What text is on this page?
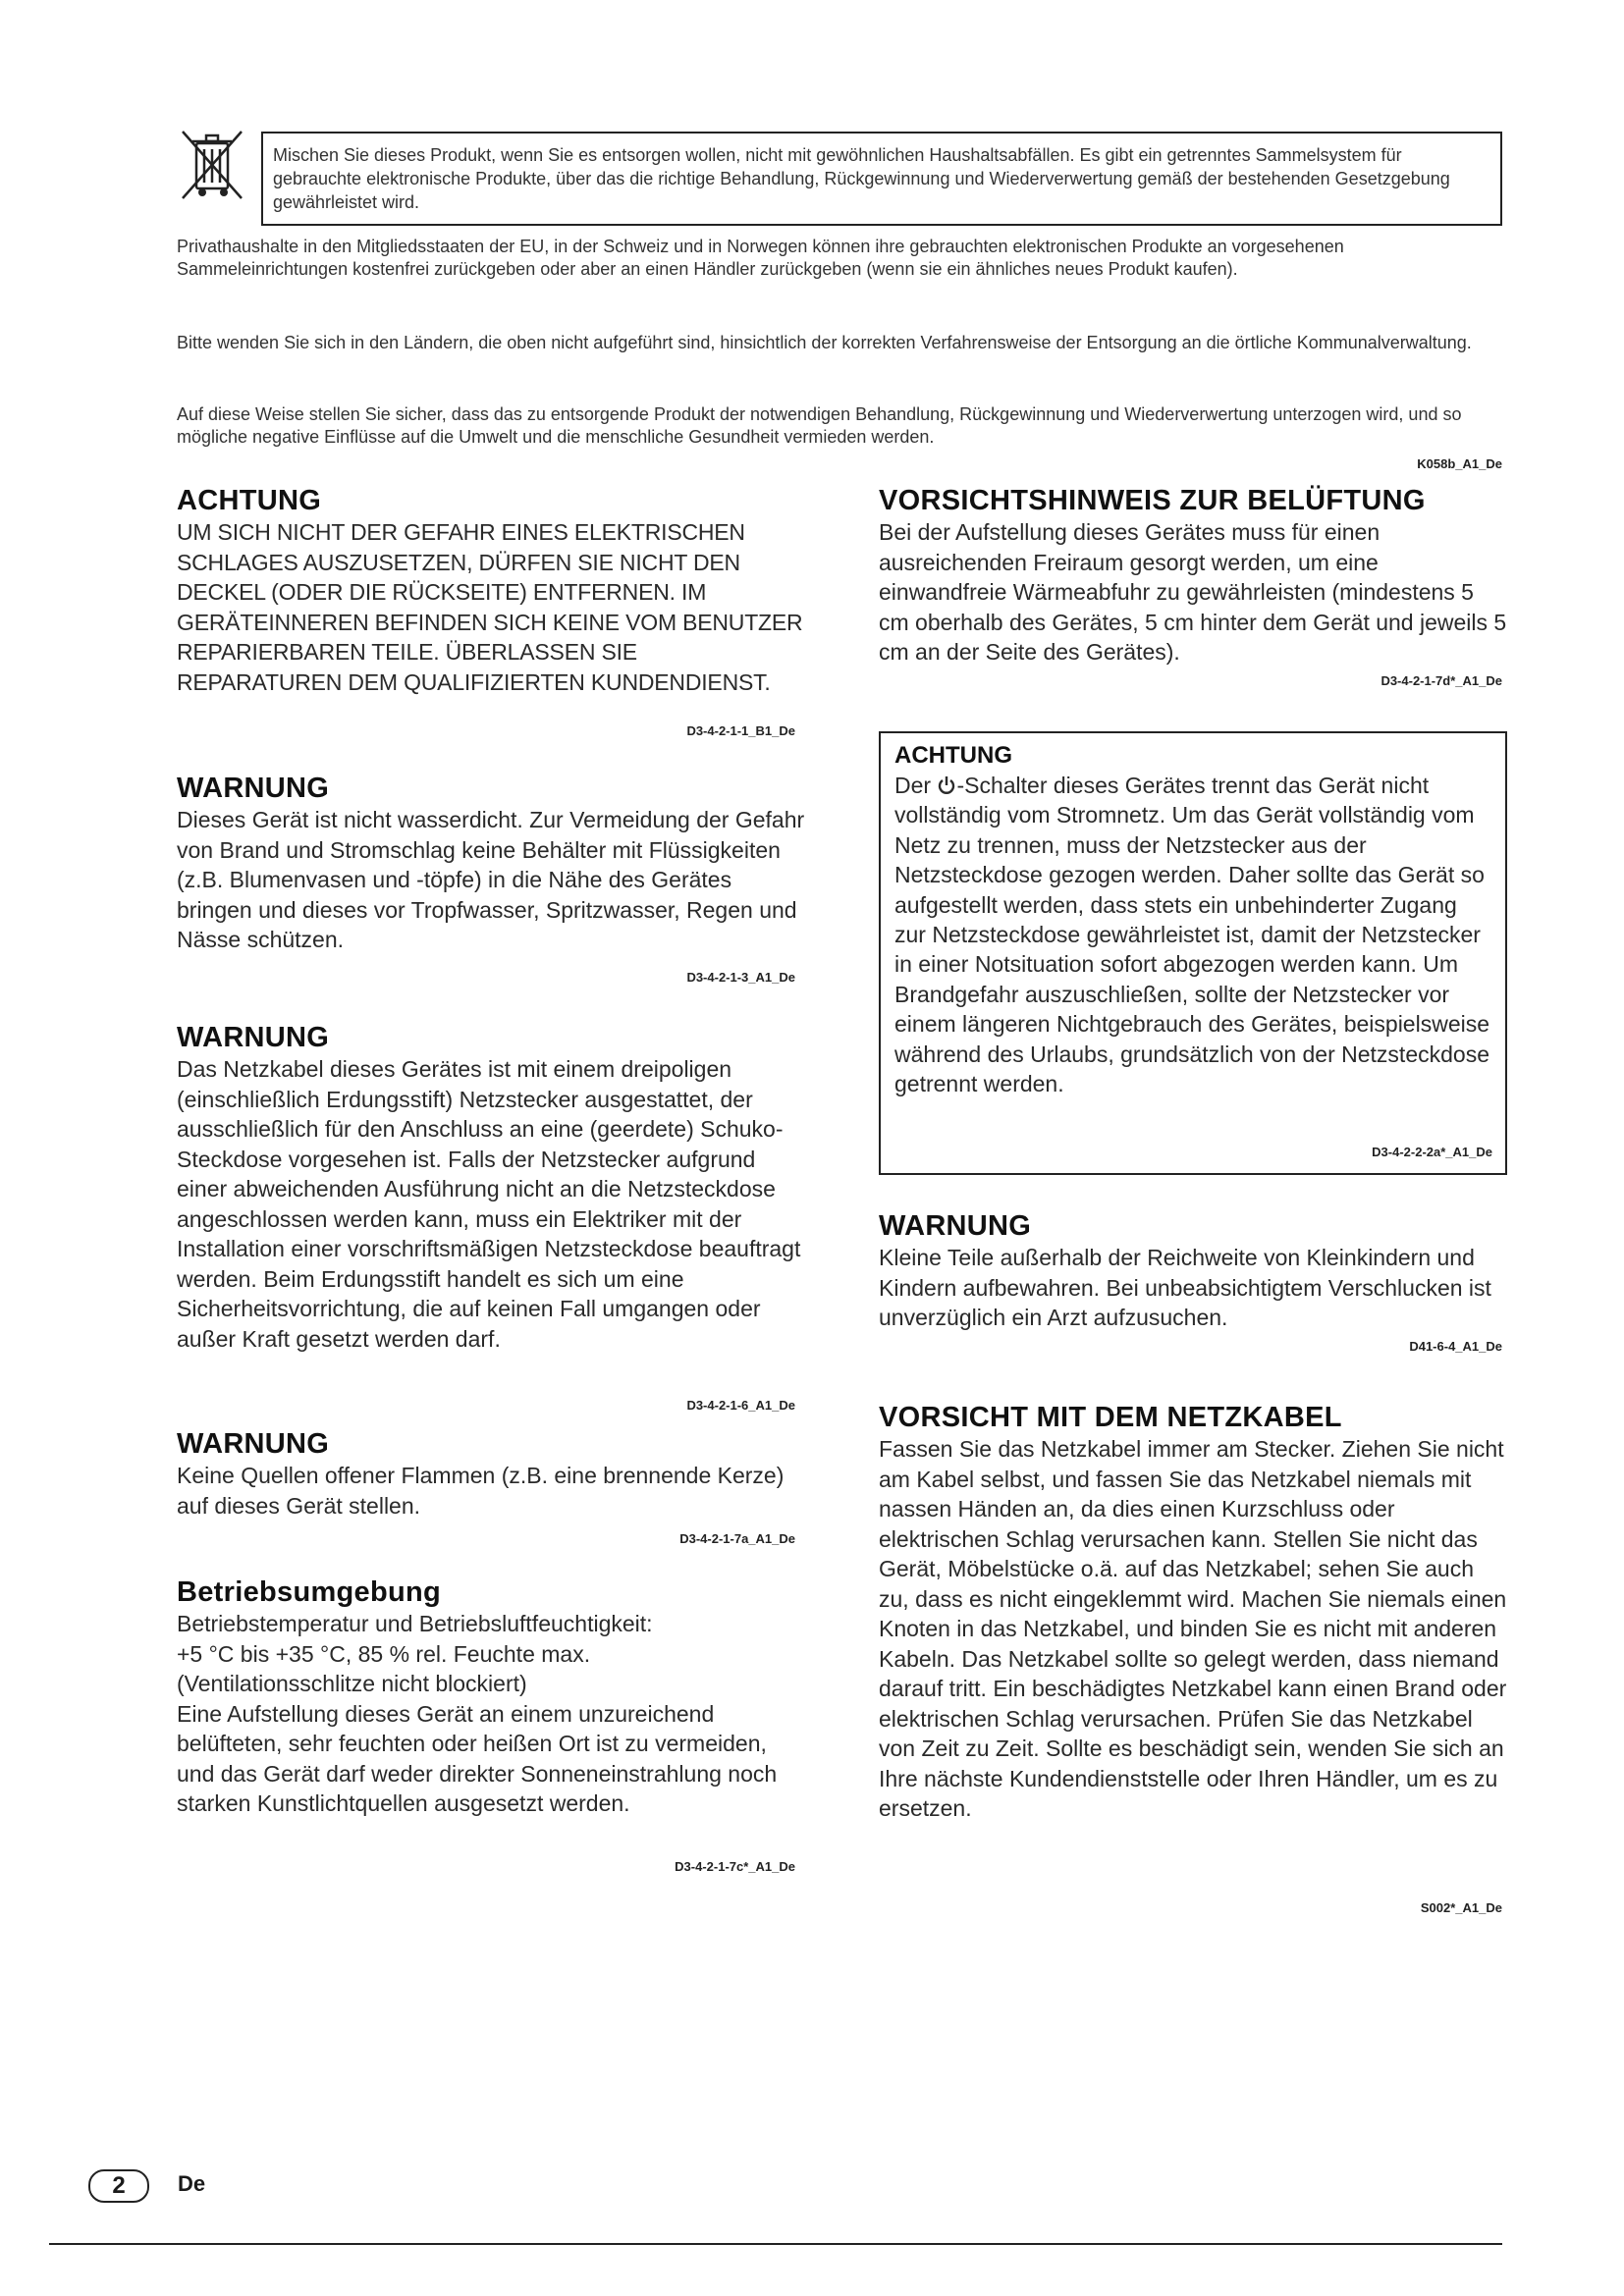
Mischen Sie dieses Produkt, wenn Sie es entsorgen wollen, nicht mit gewöhnlichen Haushaltsabfällen. Es gibt ein getrenntes Sammelsystem für gebrauchte elektronische Produkte, über das die richtige Behandlung, Rückgewinnung und Wiederverwertung gemäß der bestehenden Gesetzgebung gewährleistet wird.

Privathaushalte in den Mitgliedsstaaten der EU, in der Schweiz und in Norwegen können ihre gebrauchten elektronischen Produkte an vorgesehenen Sammeleinrichtungen kostenfrei zurückgeben oder aber an einen Händler zurückgeben (wenn sie ein ähnliches neues Produkt kaufen).

Bitte wenden Sie sich in den Ländern, die oben nicht aufgeführt sind, hinsichtlich der korrekten Verfahrensweise der Entsorgung an die örtliche Kommunalverwaltung.

Auf diese Weise stellen Sie sicher, dass das zu entsorgende Produkt der notwendigen Behandlung, Rückgewinnung und Wiederverwertung unterzogen wird, und so mögliche negative Einflüsse auf die Umwelt und die menschliche Gesundheit vermieden werden.

K058b_A1_De
ACHTUNG

UM SICH NICHT DER GEFAHR EINES ELEKTRISCHEN SCHLAGES AUSZUSETZEN, DÜRFEN SIE NICHT DEN DECKEL (ODER DIE RÜCKSEITE) ENTFERNEN. IM GERÄTEINNEREN BEFINDEN SICH KEINE VOM BENUTZER REPARIERBAREN TEILE. ÜBERLASSEN SIE REPARATUREN DEM QUALIFIZIERTEN KUNDENDIENST.

D3-4-2-1-1_B1_De
WARNUNG

Dieses Gerät ist nicht wasserdicht. Zur Vermeidung der Gefahr von Brand und Stromschlag keine Behälter mit Flüssigkeiten (z.B. Blumenvasen und -töpfe) in die Nähe des Gerätes bringen und dieses vor Tropfwasser, Spritzwasser, Regen und Nässe schützen.

D3-4-2-1-3_A1_De
WARNUNG

Das Netzkabel dieses Gerätes ist mit einem dreipoligen (einschließlich Erdungsstift) Netzstecker ausgestattet, der ausschließlich für den Anschluss an eine (geerdete) Schuko-Steckdose vorgesehen ist. Falls der Netzstecker aufgrund einer abweichenden Ausführung nicht an die Netzsteckdose angeschlossen werden kann, muss ein Elektriker mit der Installation einer vorschriftsmäßigen Netzsteckdose beauftragt werden. Beim Erdungsstift handelt es sich um eine Sicherheitsvorrichtung, die auf keinen Fall umgangen oder außer Kraft gesetzt werden darf.

D3-4-2-1-6_A1_De
WARNUNG

Keine Quellen offener Flammen (z.B. eine brennende Kerze) auf dieses Gerät stellen.

D3-4-2-1-7a_A1_De
Betriebsumgebung

Betriebstemperatur und Betriebsluftfeuchtigkeit:

+5 °C bis +35 °C, 85 % rel. Feuchte max.

(Ventilationsschlitze nicht blockiert)

Eine Aufstellung dieses Gerät an einem unzureichend belüfteten, sehr feuchten oder heißen Ort ist zu vermeiden, und das Gerät darf weder direkter Sonneneinstrahlung noch starken Kunstlichtquellen ausgesetzt werden.

D3-4-2-1-7c*_A1_De
VORSICHTSHINWEIS ZUR BELÜFTUNG

Bei der Aufstellung dieses Gerätes muss für einen ausreichenden Freiraum gesorgt werden, um eine einwandfreie Wärmeabfuhr zu gewährleisten (mindestens 5 cm oberhalb des Gerätes, 5 cm hinter dem Gerät und jeweils 5 cm an der Seite des Gerätes).

D3-4-2-1-7d*_A1_De
ACHTUNG

Der -Schalter dieses Gerätes trennt das Gerät nicht vollständig vom Stromnetz. Um das Gerät vollständig vom Netz zu trennen, muss der Netzstecker aus der Netzsteckdose gezogen werden. Daher sollte das Gerät so aufgestellt werden, dass stets ein unbehinderter Zugang zur Netzsteckdose gewährleistet ist, damit der Netzstecker in einer Notsituation sofort abgezogen werden kann. Um Brandgefahr auszuschließen, sollte der Netzstecker vor einem längeren Nichtgebrauch des Gerätes, beispielsweise während des Urlaubs, grundsätzlich von der Netzsteckdose getrennt werden.

D3-4-2-2-2a*_A1_De
WARNUNG

Kleine Teile außerhalb der Reichweite von Kleinkindern und Kindern aufbewahren. Bei unbeabsichtigtem Verschlucken ist unverzüglich ein Arzt aufzusuchen.

D41-6-4_A1_De
VORSICHT MIT DEM NETZKABEL

Fassen Sie das Netzkabel immer am Stecker. Ziehen Sie nicht am Kabel selbst, und fassen Sie das Netzkabel niemals mit nassen Händen an, da dies einen Kurzschluss oder elektrischen Schlag verursachen kann. Stellen Sie nicht das Gerät, Möbelstücke o.ä. auf das Netzkabel; sehen Sie auch zu, dass es nicht eingeklemmt wird. Machen Sie niemals einen Knoten in das Netzkabel, und binden Sie es nicht mit anderen Kabeln. Das Netzkabel sollte so gelegt werden, dass niemand darauf tritt. Ein beschädigtes Netzkabel kann einen Brand oder elektrischen Schlag verursachen. Prüfen Sie das Netzkabel von Zeit zu Zeit. Sollte es beschädigt sein, wenden Sie sich an Ihre nächste Kundendienststelle oder Ihren Händler, um es zu ersetzen.

S002*_A1_De
2	De
